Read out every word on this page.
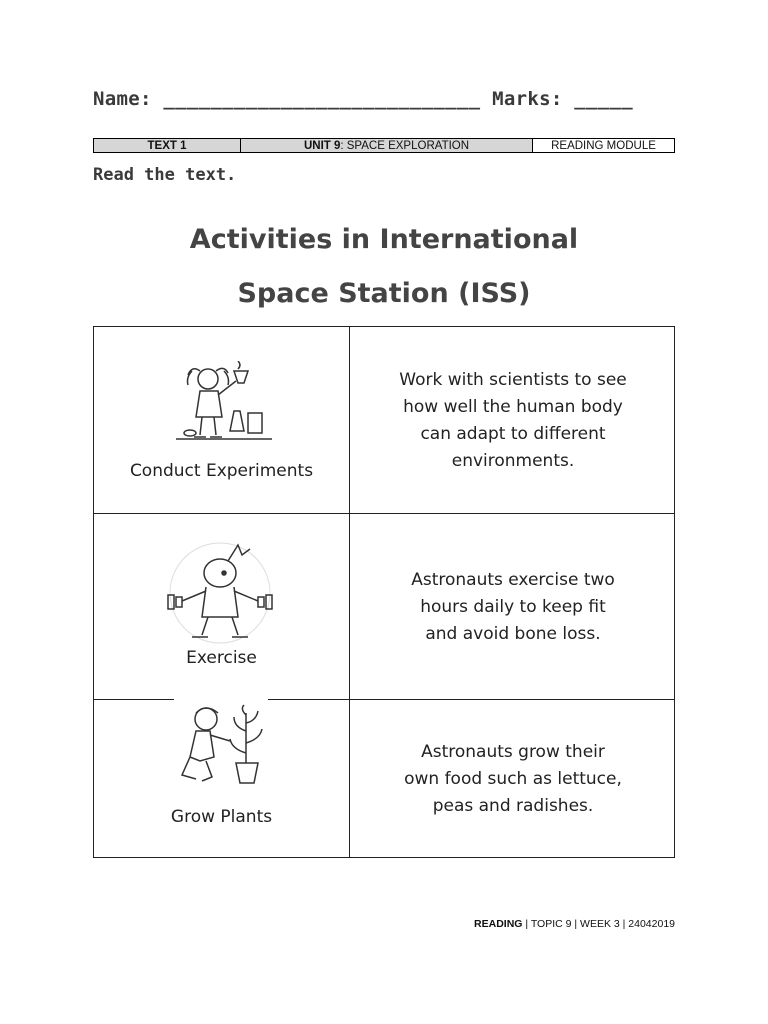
Name: ___________________________ Marks: _____
TEXT 1	UNIT 9 : SPACE EXPLORATION	READING MODULE
Read the text.
Activities in International
Space Station (ISS)
Conduct Experiments
Work with scientists to see
how well the human body
can adapt to different
environments.
Exercise
Astronauts exercise two
hours daily to keep fit
and avoid bone loss.
Grow Plants
Astronauts grow their
own food such as lettuce,
peas and radishes.
READING | TOPIC 9 | WEEK 3 | 24042019
